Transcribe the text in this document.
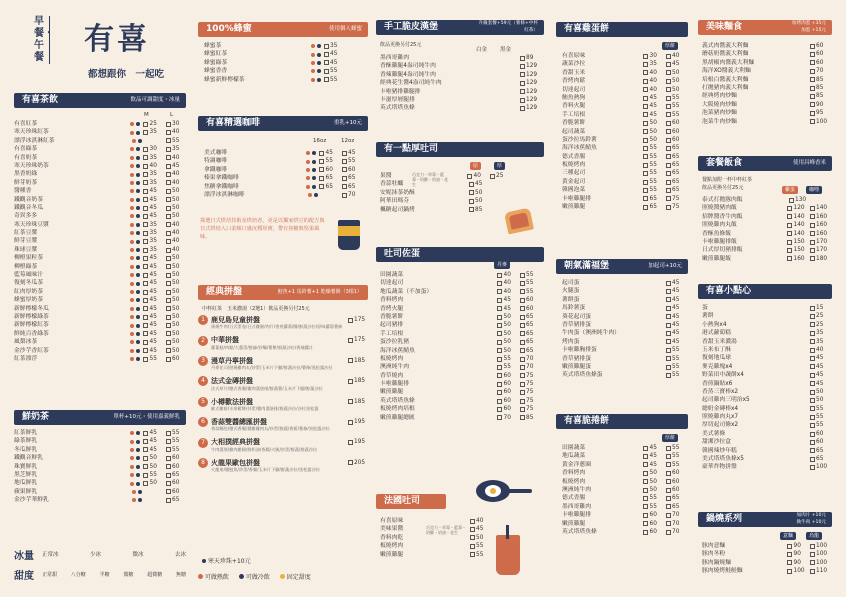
早餐・午餐
有喜
都想跟你　一起吃
有喜茶飲	飲品可調甜度・冰量
M	L
有喜紅茶	25	30
寒天珍珠紅茶	35	40
漂浮冰淇淋紅茶	55
有喜綠茶	30	35
有喜奶茶	35	40
寒天珍珠奶茶	40	45
黑香奶綠	35	40
鮮芽奶茶	35	40
醬種香	45	50
鐵觀音奶茶	45	50
鐵觀音冬瓜	45	50
奇異多多	45	50
寒天珍珠豆漿	35	40
紅茶豆漿	35	40
鮮芽豆漿	35	40
珠球豆漿	35	40
柳橙果粒茶	45	50
柳橙綠茶	45	50
藍莓風味汁	45	50
復刻冬瓜茶	45	50
紅肉厚奶茶	45	50
蜂蜜厚奶茶	45	50
新鮮檸檬冬瓜	45	50
新鮮檸檬綠茶	45	50
新鮮檸檬紅茶	45	50
鮮純百香綠茶	45	50
風梨冰茶	45	50
金沙芋香紅茶	45	50
紅茶漂浮	55	60
鮮奶茶	單杯+10元・使用嘉義鮮乳
紅茶鮮乳	45	55
綠茶鮮乳	45	55
冬瓜鮮乳	45	55
鐵觀音鮮乳	50	60
珠寶鮮乳	50	60
黑芝鮮乳	55	65
地瓜鮮乳	50	60
蘋果鮮乳	60
金沙芋華鮮乳	65
冰量	正常冰	少冰	微冰	去冰
甜度	正常甜	八分糖	半糖	微糖	超微糖	無糖
100%蜂蜜	使用個人蜂蜜
蜂蜜茶	35
蜂蜜紅茶	45
蜂蜜綠茶	45
蜂蜜香香	55
蜂蜜新鮮檸檬茶	55
有喜精選咖啡	重乳+10元
16oz	12oz
美式咖啡	45	45
特調咖啡	55	55
拿鐵咖啡	60	60
榛果拿鐵咖啡	65	65
焦糖拿鐵咖啡	65	65
漂浮冰淇淋咖啡	70
探選日式烘培技術及烘焙者，更是以獨家烘豆的配方與日式烘焙入口柔順口感沉穩厚實，帶有焦糖與堅果風味。
經典拼盤	鮭魚+1 馬鈴薯+1 乾燥薯餅（3根1）
中杯紅茶　玉米濃湯（2選1）飲品更換另付25元
1 鹿兒島兒童拼盤	175
薄燒牛肉/日式蛋卷/日式雞腿/肉片/香煎蘿蔔/酥/鮮蔬沙拉/原味蘿蔔薯條
2 中華拼盤	175
蘿蔔糕/肉鬆/大蔥蛋/鮮綠/炒麵/薯餅/鮮蔬沙拉/香辣醬汁
3 漫草丹寧拼盤	185
丹麥花司/照燒雞肉丸/炒蛋/玉米片下腳/鮮蔬沙拉/薯條/黑松露沙拉
4 法式金磚拼盤	185
法式厚片/德式香腸/雞肉漢堡排/鮮蔬薯/玉米片下腳/鮮蔬沙拉
5 小樽歡法拼盤	185
歐式雞排/水果鬆餅/炒蛋/雞肉漢堡排/鮮蔬沙拉/沙拉黑松露
6 香蒜雙醬總匯拼盤	195
香蒜麵包/德式香腸/燻雞雞肉丸/炒蛋/鮮蔬/香蕉/薯條/黑松露沙拉
7 大相撲經典拼盤	195
牛肉漢堡/雞肉雞腿/鮮奶油/香腸/火腿/炒蛋/鮮蔬/鮮蔬沙拉
8 火龍果歐包拼盤	205
火龍果/燻鮭魚/炒蛋/香腸/玉米片下腳/鮮蔬沙拉/黑松露沙拉
寒天珍珠+10元
可做熱飲	可做冷飲	固定甜度
手工脆皮漢堡	升級套餐+59元（薯條+中杯紅茶）
飲品更換另付25元
白金 黑金
墨西哥雞肉	89
香酥雞腿4盎司純牛肉	129
香辣雞腿4盎司純牛肉	129
經典花生醬4盎司純牛肉	129
卡啦豬排雞腿排	129
卡滋厚層腿排	129
英式塔塔魚條	129
有一點厚吐司
原	厚
果醬	40	25
香蒜牡蠣	45
安妮抹茶奶酥	50
阿華田瑪芬	50
楓糖起司鍋烤	85
巧克力・草莓・藍莓・奶酥・奶油・花生
吐司佐蛋
丹麥
田園蔬菜	40	55
切達起司	40	55
地瓜蔬菜（不加蛋）	40	55
香料烤肉	45	60
香烤火腿	45	60
香脆薯餅	50	65
起司豬排	50	65
手工培根	50	65
蛋沙拉乳豬	50	65
海洋冰蕉鯖魚	50	65
板燒烤肉	55	70
澳洲純牛肉	55	70
香草燒肉	60	75
卡啦雞腿排	60	75
嫩煎雞腿	60	75
英式塔塔魚條	60	75
板燒烤肉培根	60	75
嫩煎雞腿總匯	70	85
法國吐司
有喜原味	40
美味果醬	45
香料肉乾	50
板燒烤肉	55
嫩煎雞腿	55
巧克力・草莓・藍莓・奶酥・奶油・花生
有喜雞蛋餅
厚餅
有喜原味	30	40
蔬菜沙拉	35	45
香甜玉米	40	50
香烤肉鬆	40	50
切達起司	40	50
鮪魚熱狗	45	55
香料火腿	45	55
手工培根	45	55
香脆薯餅	50	60
起司蔬菜	50	60
蛋沙拉馬鈴薯	50	60
海洋冰蕉鯖魚	55	65
德式香腸	55	65
板燒烤肉	55	65
三種起司	55	65
黃金起司	55	65
韓國泡菜	55	65
卡啦雞腿排	65	75
嫩煎雞腿	65	75
朝氣滿福堡	加起司+10元
起司蛋	45
火腿蛋	45
薯餅蛋	45
馬鈴薯蛋	45
葵花起司蛋	45
香草豬排蛋	45
牛肉蛋（澳洲純牛肉）	45
烤肉蛋	45
卡啦雞胸排蛋	55
香草豬排蛋	55
嫩煎雞腿蛋	55
英式塔塔魚條蛋	55
有喜脆捲餅
厚餅
田園蔬菜	45	55
地瓜蔬菜	45	55
黃金洋蔥圈	45	55
香料烤肉	50	60
板燒烤肉	50	60
澳洲純牛肉	50	60
德式香腸	55	65
墨西哥雞肉	55	65
卡啦雞腿排	60	70
嫩煎雞腿	60	70
英式塔塔魚條	60	70
美味麵食	加烤肉蛋 +35元
加蛋 +15元
義式肉醬義大利麵	60
蘑菇奶醬義大利麵	60
黑胡椒肉醬義大利麵	60
海洋XO醬義大利麵	70
培根白醬義大利麵	85
打拋豬肉義大利麵	85
經典烤肉炒麵	85
大阪燒肉炒麵	90
泡菜豬肉炒麵	95
泡菜牛肉炒麵	100
套餐飯食	使用昌峰香米
餐點加附一杯中杯紅茶
飲品更換另付25元	雞蛋	咖哩
泰式打拋豚肉飯	130
照燒醬豬肉飯	120	140
招牌醬香牛肉飯	140	160
照燒雞肉丸飯	140	160
香酥魚條飯	140	160
卡啦雞腿排飯	150	170
日式厚切豬排飯	150	170
嫩煎雞腿飯	160	180
有喜小點心
蛋	15
薯餅	25
小熱狗x4	25
港式蘿蔔糕	35
香甜玉米濃湯	35
玉米布丁酥	40
復刻地瓜球	45
麥克雞塊x4	45
野菜田中蔬餅x4	45
香煎鍋貼x6	45
香蒸三寶棒x2	50
起司雞肉三明治x5	50
總奶金磚棒x4	55
照燒雞肉丸x7	55
厚切起司條x2	55
美式薯條	60
甜潔沙拉盒	60
韓國辣炒年糕	65
美式塔塔魚條x5	65
豪華炸物拼盤	100
鍋燒系列	加肉片 +10元
換牛肉 +10元
意麵	烏龍
豚肉意麵	90	100
豚肉冬粉	90	100
豚肉鍋燒麵	90	100
豚肉燒烤鮭鮭麵	100	110
